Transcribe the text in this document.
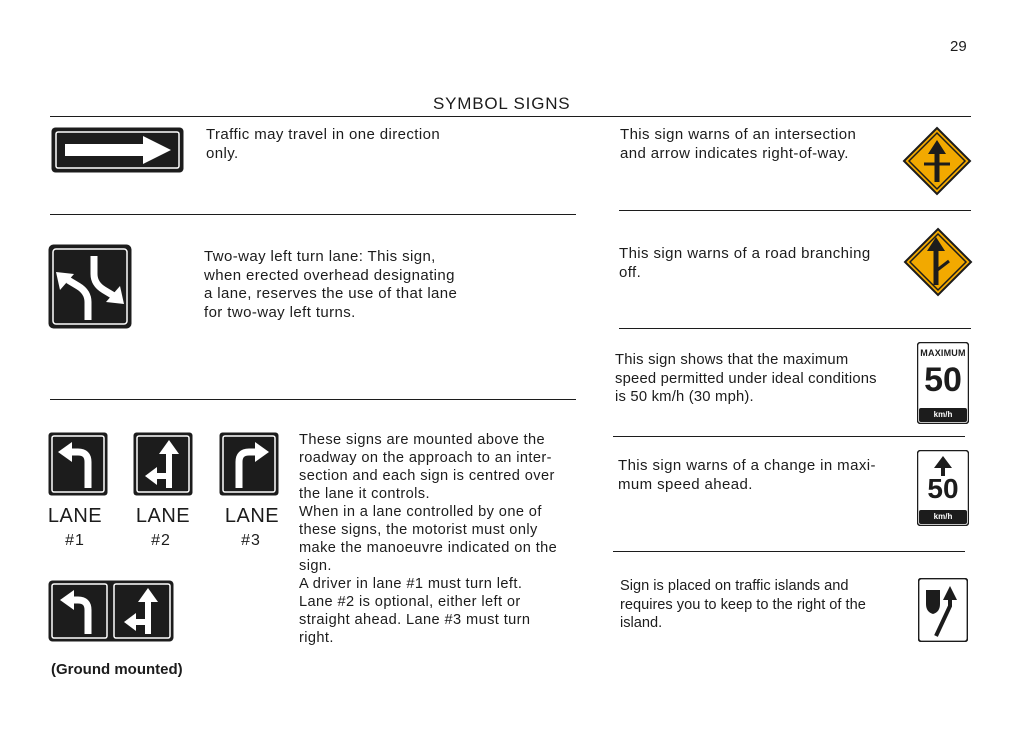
29
SYMBOL SIGNS
Traffic may travel in one direction
only.
Two-way left turn lane: This sign,
when erected overhead designating
a lane, reserves the use of that lane
for two-way left turns.
LANE	LANE	LANE
#1	#2	#3
These signs are mounted above the
roadway on the approach to an inter-
section and each sign is centred over
the lane it controls.
When in a lane controlled by one of
these signs, the motorist must only
make the manoeuvre indicated on the
sign.
A driver in lane #1 must turn left.
Lane #2 is optional, either left or
straight ahead. Lane #3 must turn
right.
(Ground mounted)
This sign warns of an intersection
and arrow indicates right-of-way.
This sign warns of a road branching
off.
This sign shows that the maximum
speed permitted under ideal conditions
is 50 km/h (30 mph).
MAXIMUM
50
km/h
This sign warns of a change in maxi-
mum speed ahead.	50
km/h
Sign is placed on traffic islands and
requires you to keep to the right of the
island.
